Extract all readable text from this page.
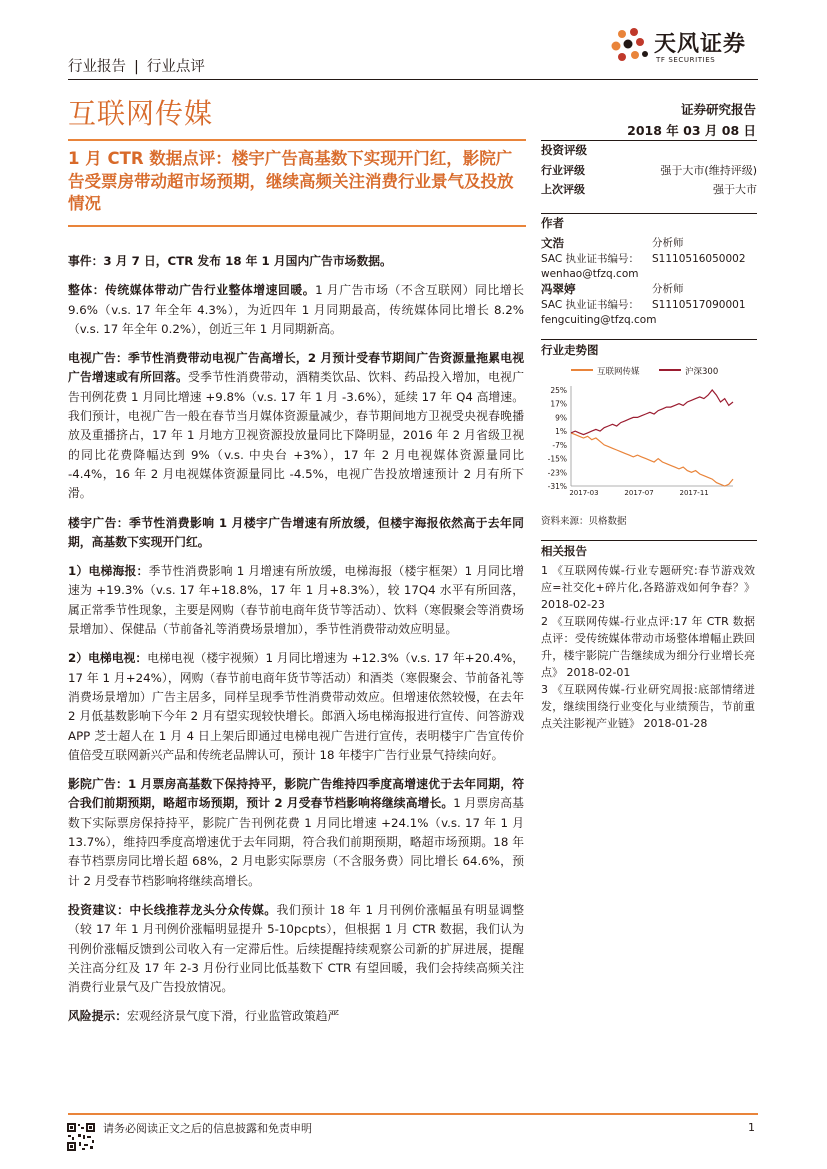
行业报告 | 行业点评
天风证券
TF SECURITIES
互联网传媒	证券研究报告
2018 年 03 月 08 日
1 月 CTR 数据点评：楼宇广告高基数下实现开门红，影院广告受票房带动超市场预期，继续高频关注消费行业景气及投放情况

事件：3 月 7 日，CTR 发布 18 年 1 月国内广告市场数据。

整体：传统媒体带动广告行业整体增速回暖。1 月广告市场（不含互联网）同比增长 9.6%（v.s. 17 年全年 4.3%），为近四年 1 月同期最高，传统媒体同比增长 8.2%（v.s. 17 年全年 0.2%），创近三年 1 月同期新高。

电视广告：季节性消费带动电视广告高增长，2 月预计受春节期间广告资源量拖累电视广告增速或有所回落。受季节性消费带动，酒精类饮品、饮料、药品投入增加，电视广告刊例花费 1 月同比增速 +9.8%（v.s. 17 年 1 月 -3.6%），延续 17 年 Q4 高增速。我们预计，电视广告一般在春节当月媒体资源量减少，春节期间地方卫视受央视春晚播放及重播挤占，17 年 1 月地方卫视资源投放量同比下降明显，2016 年 2 月省级卫视的同比花费降幅达到 9%（v.s. 中央台 +3%），17 年 2 月电视媒体资源量同比 -4.4%，16 年 2 月电视媒体资源量同比 -4.5%，电视广告投放增速预计 2 月有所下滑。

楼宇广告：季节性消费影响 1 月楼宇广告增速有所放缓，但楼宇海报依然高于去年同期，高基数下实现开门红。

1）电梯海报：季节性消费影响 1 月增速有所放缓，电梯海报（楼宇框架）1 月同比增速为 +19.3%（v.s. 17 年+18.8%，17 年 1 月+8.3%），较 17Q4 水平有所回落，属正常季节性现象，主要是网购（春节前电商年货节等活动）、饮料（寒假聚会等消费场景增加）、保健品（节前备礼等消费场景增加），季节性消费带动效应明显。

2）电梯电视：电梯电视（楼宇视频）1 月同比增速为 +12.3%（v.s. 17 年+20.4%，17 年 1 月+24%），网购（春节前电商年货节等活动）和酒类（寒假聚会、节前备礼等消费场景增加）广告主居多，同样呈现季节性消费带动效应。但增速依然较慢，在去年 2 月低基数影响下今年 2 月有望实现较快增长。郎酒入场电梯海报进行宣传、问答游戏 APP 芝士超人在 1 月 4 日上架后即通过电梯电视广告进行宣传，表明楼宇广告宣传价值倍受互联网新兴产品和传统老品牌认可，预计 18 年楼宇广告行业景气持续向好。

影院广告：1 月票房高基数下保持持平，影院广告维持四季度高增速优于去年同期，符合我们前期预期，略超市场预期，预计 2 月受春节档影响将继续高增长。1 月票房高基数下实际票房保持持平，影院广告刊例花费 1 月同比增速 +24.1%（v.s. 17 年 1 月 13.7%），维持四季度高增速优于去年同期，符合我们前期预期，略超市场预期。18 年春节档票房同比增长超 68%，2 月电影实际票房（不含服务费）同比增长 64.6%，预计 2 月受春节档影响将继续高增长。

投资建议：中长线推荐龙头分众传媒。我们预计 18 年 1 月刊例价涨幅虽有明显调整（较 17 年 1 月刊例价涨幅明显提升 5-10pcpts），但根据 1 月 CTR 数据，我们认为刊例价涨幅反馈到公司收入有一定滞后性。后续提醒持续观察公司新的扩屏进展，提醒关注高分红及 17 年 2-3 月份行业同比低基数下 CTR 有望回暖，我们会持续高频关注消费行业景气及广告投放情况。

风险提示：宏观经济景气度下滑，行业监管政策趋严

投资评级
行业评级	强于大市(维持评级)
上次评级	强于大市
作者
文浩	分析师
SAC 执业证书编号： S1110516050002
wenhao@tfzq.com
冯翠婷	分析师
SAC 执业证书编号： S1110517090001
fengcuiting@tfzq.com
行业走势图
互联网传媒	沪深300
25%
17%
9%
1%
-7%
-15%
-23%
-31%
2017-03	2017-07	2017-11
资料来源：贝格数据
相关报告

1 《互联网传媒-行业专题研究:春节游戏效应=社交化+碎片化,各路游戏如何争春？》 2018-02-23

2 《互联网传媒-行业点评:17 年 CTR 数据点评：受传统媒体带动市场整体增幅止跌回升，楼宇影院广告继续成为细分行业增长亮点》 2018-02-01

3 《互联网传媒-行业研究周报:底部情绪迸发，继续围绕行业变化与业绩预告，节前重点关注影视产业链》 2018-01-28

请务必阅读正文之后的信息披露和免责申明	1
